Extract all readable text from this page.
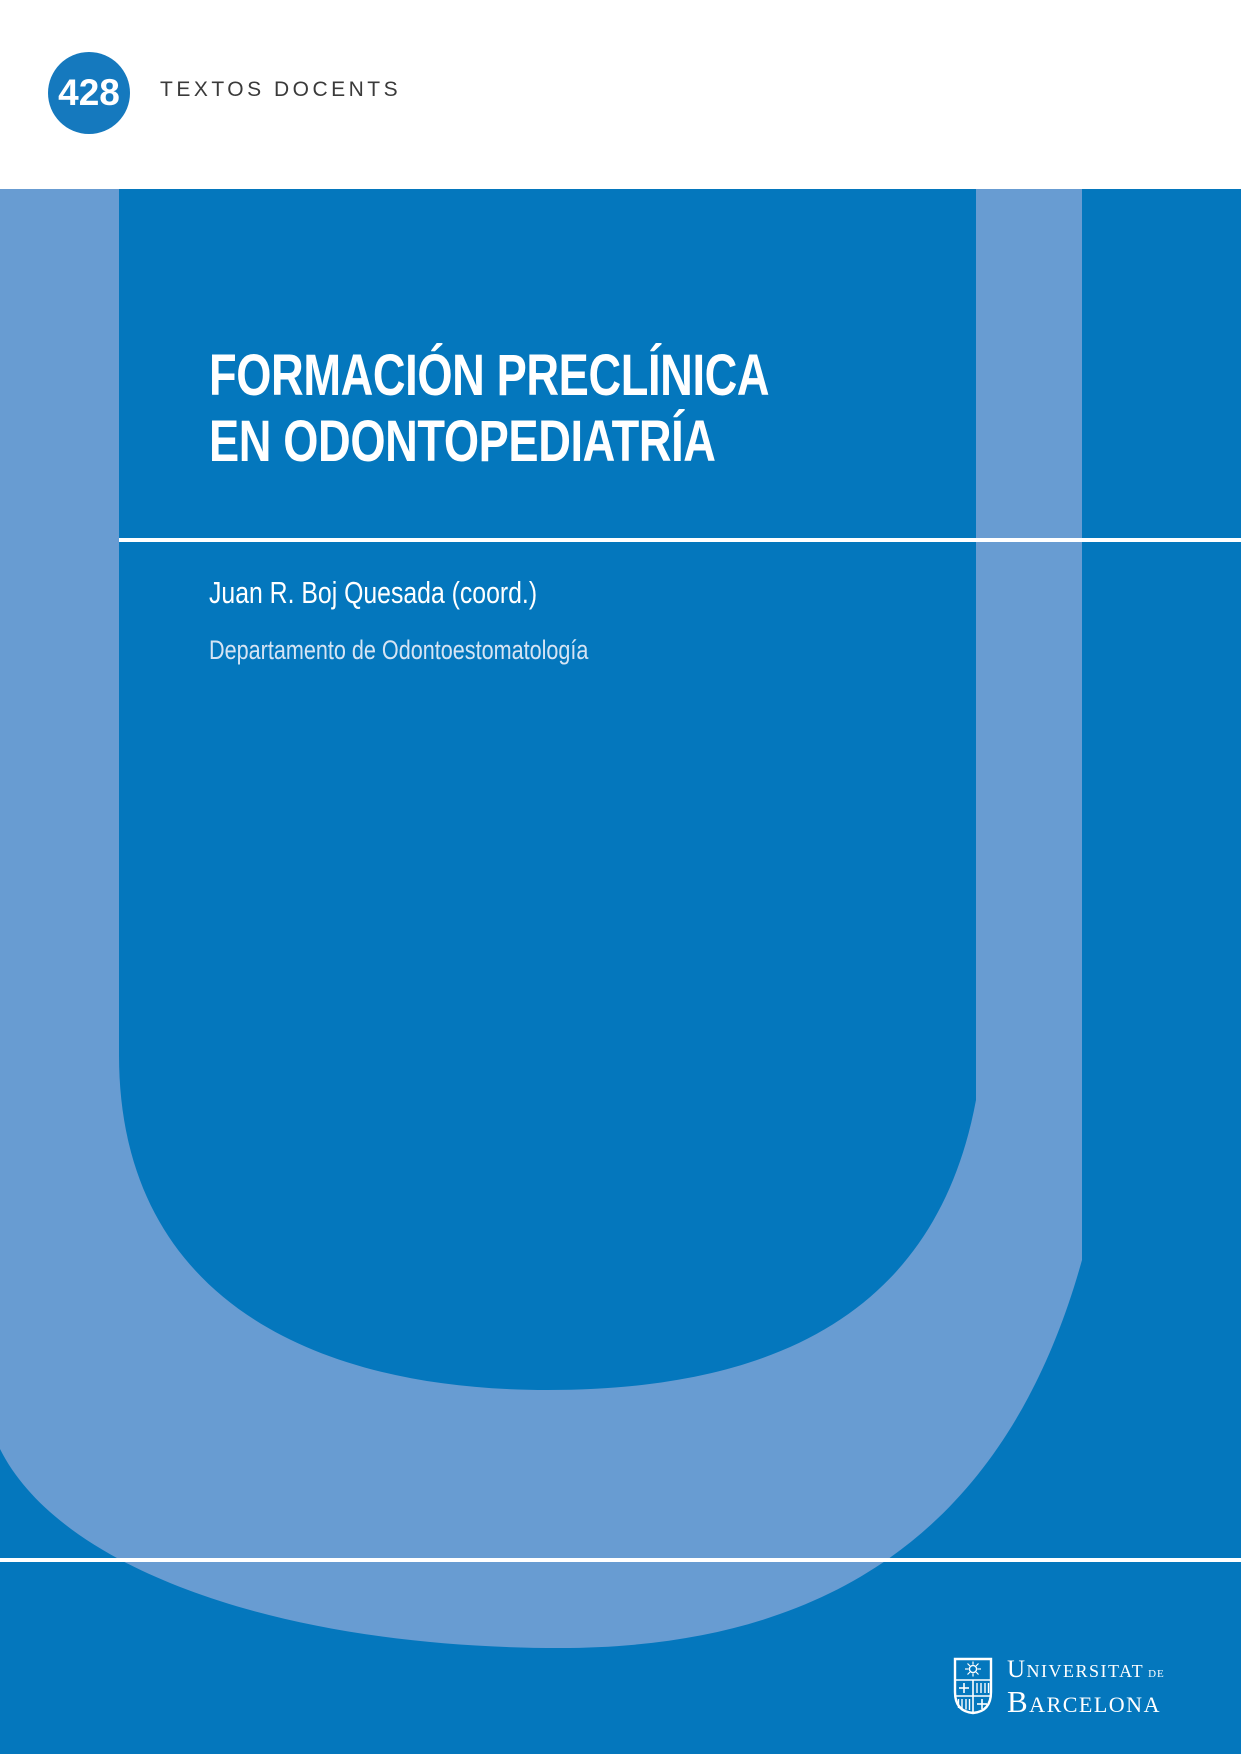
428 TEXTOS DOCENTS
FORMACIÓN PRECLÍNICA
EN ODONTOPEDIATRÍA
Juan R. Boj Quesada (coord.)
Departamento de Odontoestomatología
Universitat de
Barcelona
